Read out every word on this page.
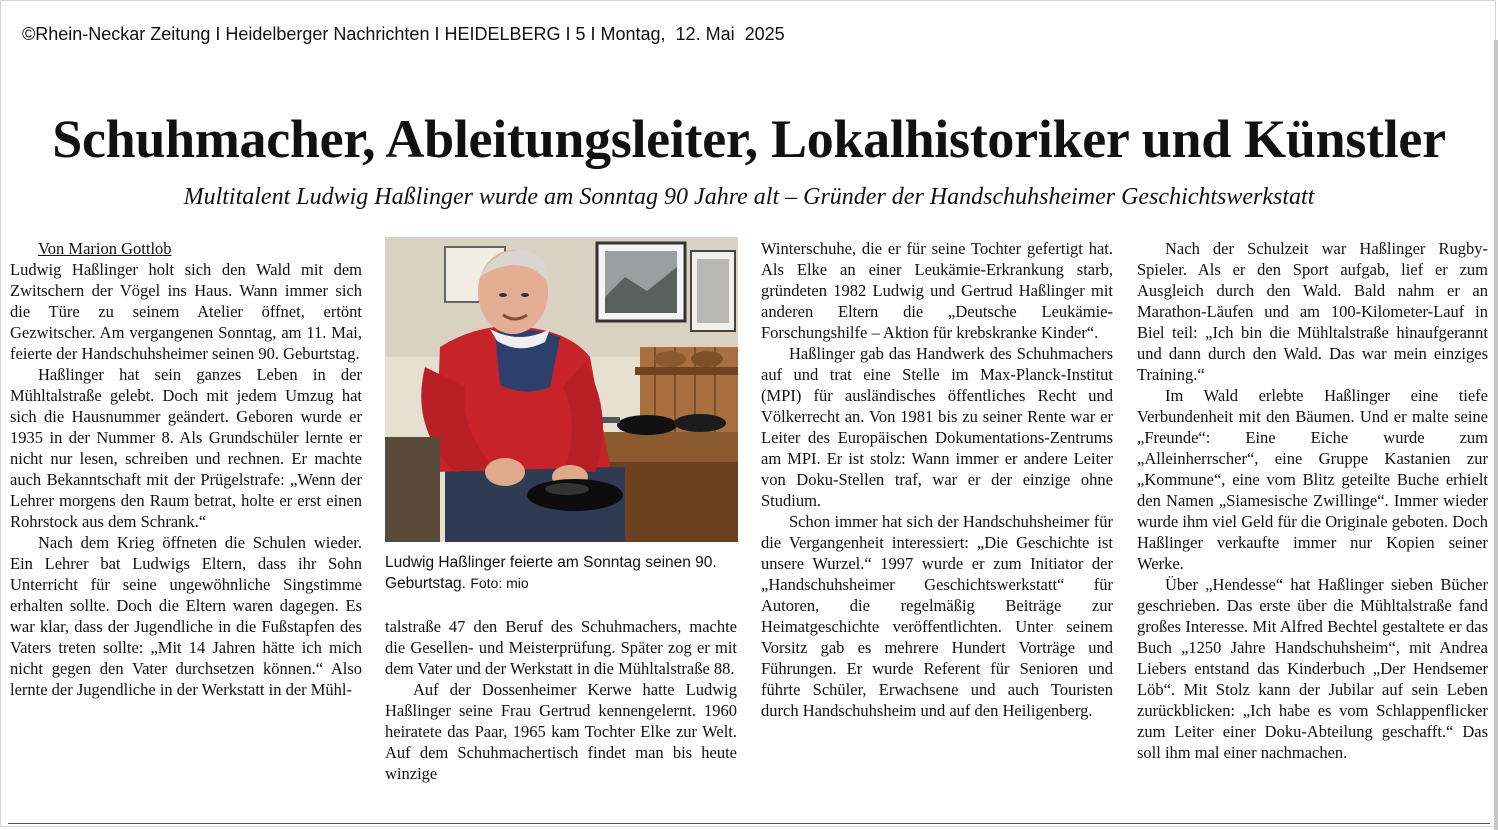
©Rhein-Neckar Zeitung I Heidelberger Nachrichten I HEIDELBERG I 5 I Montag,  12. Mai  2025
Schuhmacher, Ableitungsleiter, Lokalhistoriker und Künstler
Multitalent Ludwig Haßlinger wurde am Sonntag 90 Jahre alt – Gründer der Handschuhsheimer Geschichtswerkstatt

Von Marion Gottlob

Ludwig Haßlinger holt sich den Wald mit dem Zwitschern der Vögel ins Haus. Wann immer sich die Türe zu seinem Atelier öffnet, ertönt Gezwitscher. Am vergangenen Sonntag, am 11. Mai, feierte der Handschuhsheimer seinen 90. Geburtstag.

Haßlinger hat sein ganzes Leben in der Mühltalstraße gelebt. Doch mit jedem Umzug hat sich die Hausnummer geändert. Geboren wurde er 1935 in der Nummer 8. Als Grundschüler lernte er nicht nur lesen, schreiben und rechnen. Er machte auch Bekanntschaft mit der Prügelstrafe: „Wenn der Lehrer morgens den Raum betrat, holte er erst einen Rohrstock aus dem Schrank.“

Nach dem Krieg öffneten die Schulen wieder. Ein Lehrer bat Ludwigs Eltern, dass ihr Sohn Unterricht für seine ungewöhnliche Singstimme erhalten sollte. Doch die Eltern waren dagegen. Es war klar, dass der Jugendliche in die Fußstapfen des Vaters treten sollte: „Mit 14 Jahren hätte ich mich nicht gegen den Vater durchsetzen können.“ Also lernte der Jugendliche in der Werkstatt in der Mühl-

Ludwig Haßlinger feierte am Sonntag seinen 90. Geburtstag. Foto: mio

talstraße 47 den Beruf des Schuhmachers, machte die Gesellen- und Meisterprüfung. Später zog er mit dem Vater und der Werkstatt in die Mühltalstraße 88.

Auf der Dossenheimer Kerwe hatte Ludwig Haßlinger seine Frau Gertrud kennengelernt. 1960 heiratete das Paar, 1965 kam Tochter Elke zur Welt. Auf dem Schuhmachertisch findet man bis heute winzige

Winterschuhe, die er für seine Tochter gefertigt hat. Als Elke an einer Leukämie-Erkrankung starb, gründeten 1982 Ludwig und Gertrud Haßlinger mit anderen Eltern die „Deutsche Leukämie-Forschungshilfe – Aktion für krebskranke Kinder“.

Haßlinger gab das Handwerk des Schuhmachers auf und trat eine Stelle im Max-Planck-Institut (MPI) für ausländisches öffentliches Recht und Völkerrecht an. Von 1981 bis zu seiner Rente war er Leiter des Europäischen Dokumentations-Zentrums am MPI. Er ist stolz: Wann immer er andere Leiter von Doku-Stellen traf, war er der einzige ohne Studium.

Schon immer hat sich der Handschuhsheimer für die Vergangenheit interessiert: „Die Geschichte ist unsere Wurzel.“ 1997 wurde er zum Initiator der „Handschuhsheimer Geschichtswerkstatt“ für Autoren, die regelmäßig Beiträge zur Heimatgeschichte veröffentlichten. Unter seinem Vorsitz gab es mehrere Hundert Vorträge und Führungen. Er wurde Referent für Senioren und führte Schüler, Erwachsene und auch Touristen durch Handschuhsheim und auf den Heiligenberg.

Nach der Schulzeit war Haßlinger Rugby-Spieler. Als er den Sport aufgab, lief er zum Ausgleich durch den Wald. Bald nahm er an Marathon-Läufen und am 100-Kilometer-Lauf in Biel teil: „Ich bin die Mühltalstraße hinaufgerannt und dann durch den Wald. Das war mein einziges Training.“

Im Wald erlebte Haßlinger eine tiefe Verbundenheit mit den Bäumen. Und er malte seine „Freunde“: Eine Eiche wurde zum „Alleinherrscher“, eine Gruppe Kastanien zur „Kommune“, eine vom Blitz geteilte Buche erhielt den Namen „Siamesische Zwillinge“. Immer wieder wurde ihm viel Geld für die Originale geboten. Doch Haßlinger verkaufte immer nur Kopien seiner Werke.

Über „Hendesse“ hat Haßlinger sieben Bücher geschrieben. Das erste über die Mühltalstraße fand großes Interesse. Mit Alfred Bechtel gestaltete er das Buch „1250 Jahre Handschuhsheim“, mit Andrea Liebers entstand das Kinderbuch „Der Hendsemer Löb“. Mit Stolz kann der Jubilar auf sein Leben zurückblicken: „Ich habe es vom Schlappenflicker zum Leiter einer Doku-Abteilung geschafft.“ Das soll ihm mal einer nachmachen.
